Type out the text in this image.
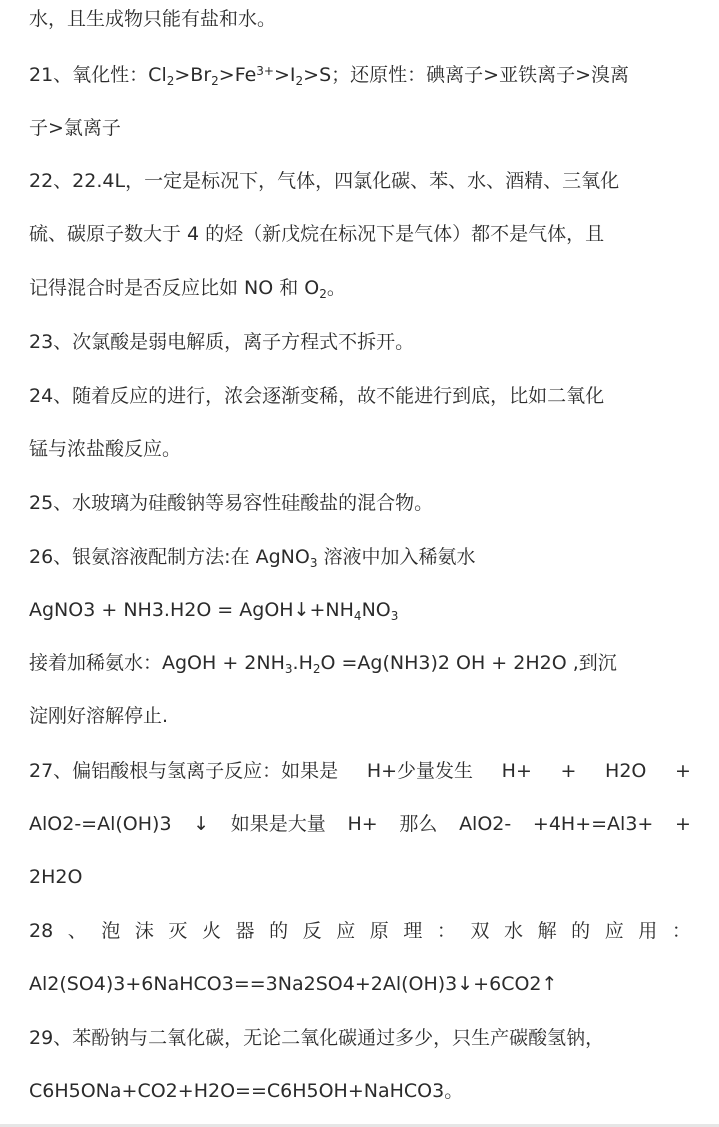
水，且生成物只能有盐和水。
21、氧化性：$Cl_2>Br_2>Fe^{3+}>I_2>S$；还原性：碘离子>亚铁离子>溴离
子>氯离子
22、22.4L，一定是标况下，气体，四氯化碳、苯、水、酒精、三氧化
硫、碳原子数大于 4 的烃（新戊烷在标况下是气体）都不是气体，且
记得混合时是否反应比如 NO 和 $O_2$。
23、次氯酸是弱电解质，离子方程式不拆开。
24、随着反应的进行，浓会逐渐变稀，故不能进行到底，比如二氧化
锰与浓盐酸反应。
25、水玻璃为硅酸钠等易容性硅酸盐的混合物。
26、银氨溶液配制方法:在 AgNO$_3$ 溶液中加入稀氨水
AgNO3 + $NH3.H2O = AgOH↓+NH_4NO_3$
接着加稀氨水：AgOH + $2NH_3.H_2O =Ag(NH3)2$ OH + 2H2O ,到沉
淀刚好溶解停止.
27、偏铝酸根与氢离子反应：如果是 H+少量发生 H+ + H2O +
AlO2-=Al(OH)3 ↓ 如果是大量 H+ 那么 AlO2- +4H+=Al3+ +
2H2O
28 、 泡 沫 灭 火 器 的 反 应 原 理 ： 双 水 解 的 应 用 ：
Al2(SO4)3+6NaHCO3==3Na2SO4+2Al(OH)3↓+6CO2↑
29、苯酚钠与二氧化碳，无论二氧化碳通过多少，只生产碳酸氢钠，
C6H5ONa+CO2+H2O==C6H5OH+NaHCO3。
